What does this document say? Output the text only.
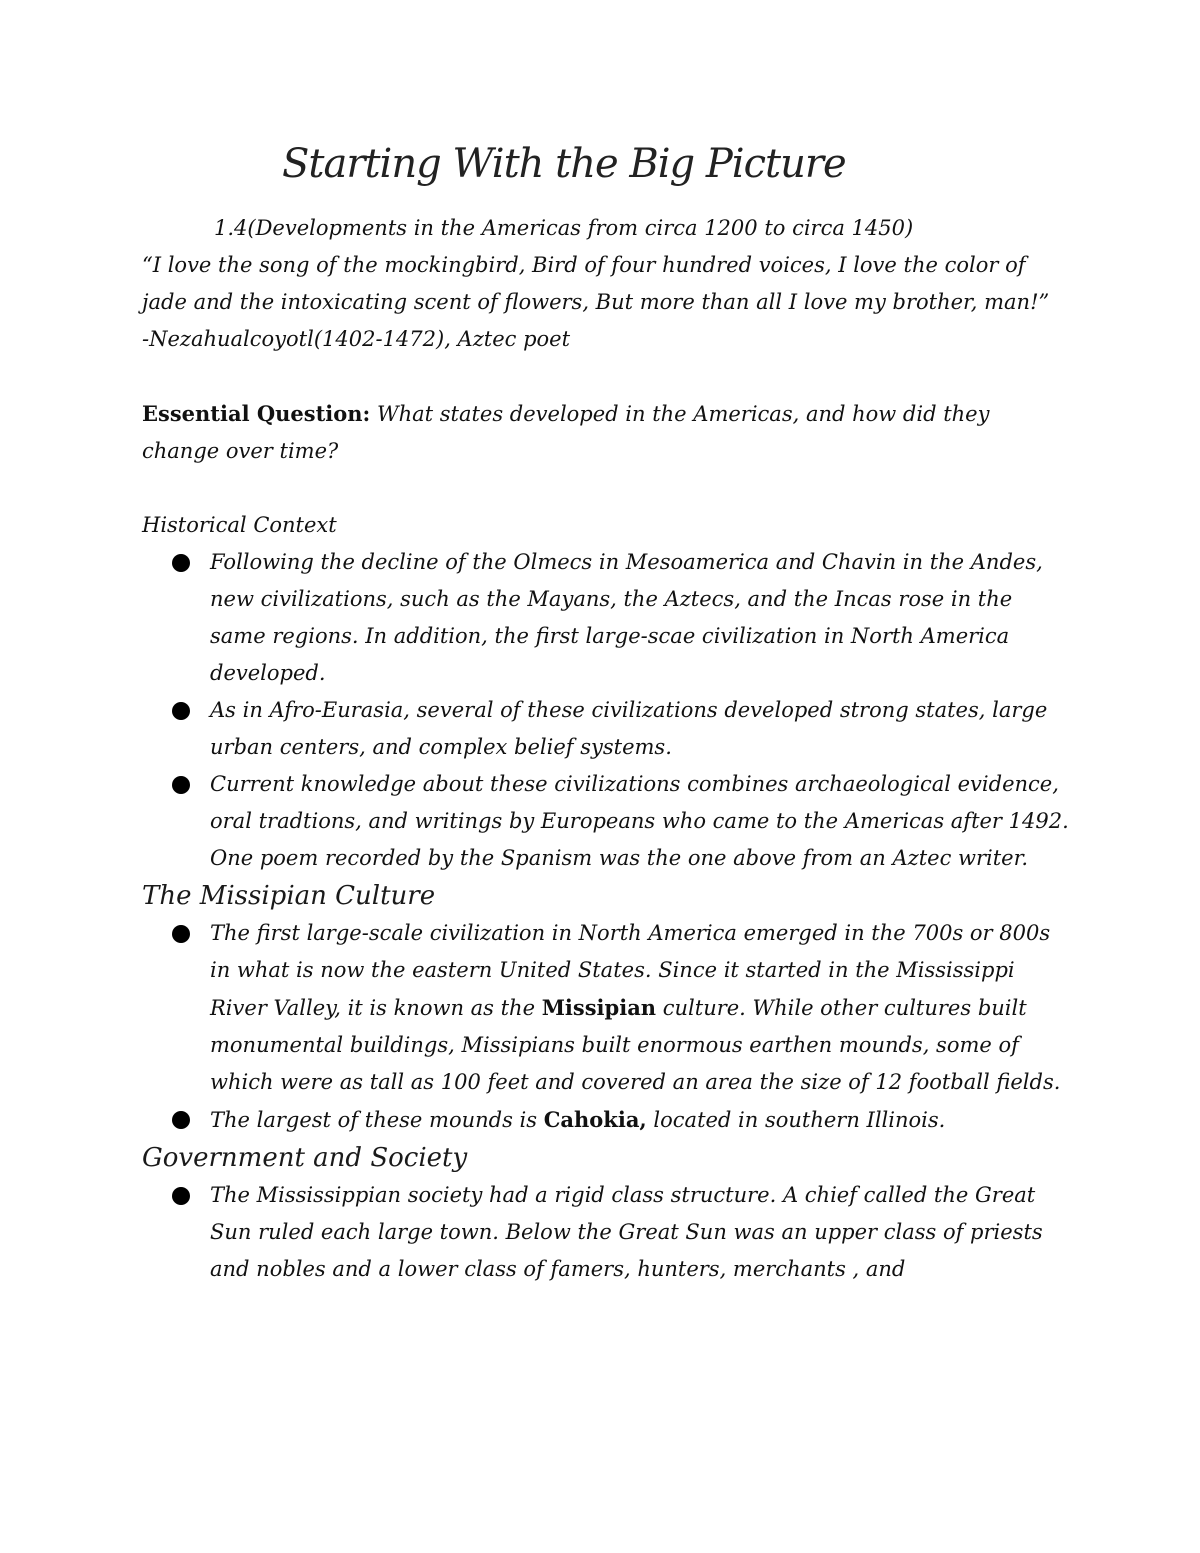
Starting With the Big Picture

1.4(Developments in the Americas from circa 1200 to circa 1450)

“I love the song of the mockingbird, Bird of four hundred voices, I love the color of jade and the intoxicating scent of flowers, But more than all I love my brother, man!”

-Nezahualcoyotl(1402-1472), Aztec poet

Essential Question: What states developed in the Americas, and how did they change over time?

Historical Context

Following the decline of the Olmecs in Mesoamerica and Chavin in the Andes, new civilizations, such as the Mayans, the Aztecs, and the Incas rose in the same regions. In addition, the first large-scae civilization in North America developed.
As in Afro-Eurasia, several of these civilizations developed strong states, large urban centers, and complex belief systems.
Current knowledge about these civilizations combines archaeological evidence, oral tradtions, and writings by Europeans who came to the Americas after 1492. One poem recorded by the Spanism was the one above from an Aztec writer.

The Missipian Culture

The first large-scale civilization in North America emerged in the 700s or 800s in what is now the eastern United States. Since it started in the Mississippi River Valley, it is known as the Missipian culture. While other cultures built monumental buildings, Missipians built enormous earthen mounds, some of which were as tall as 100 feet and covered an area the size of 12 football fields.
The largest of these mounds is Cahokia, located in southern Illinois.

Government and Society

The Mississippian society had a rigid class structure. A chief called the Great Sun ruled each large town. Below the Great Sun was an upper class of priests and nobles and a lower class of famers, hunters, merchants , and
